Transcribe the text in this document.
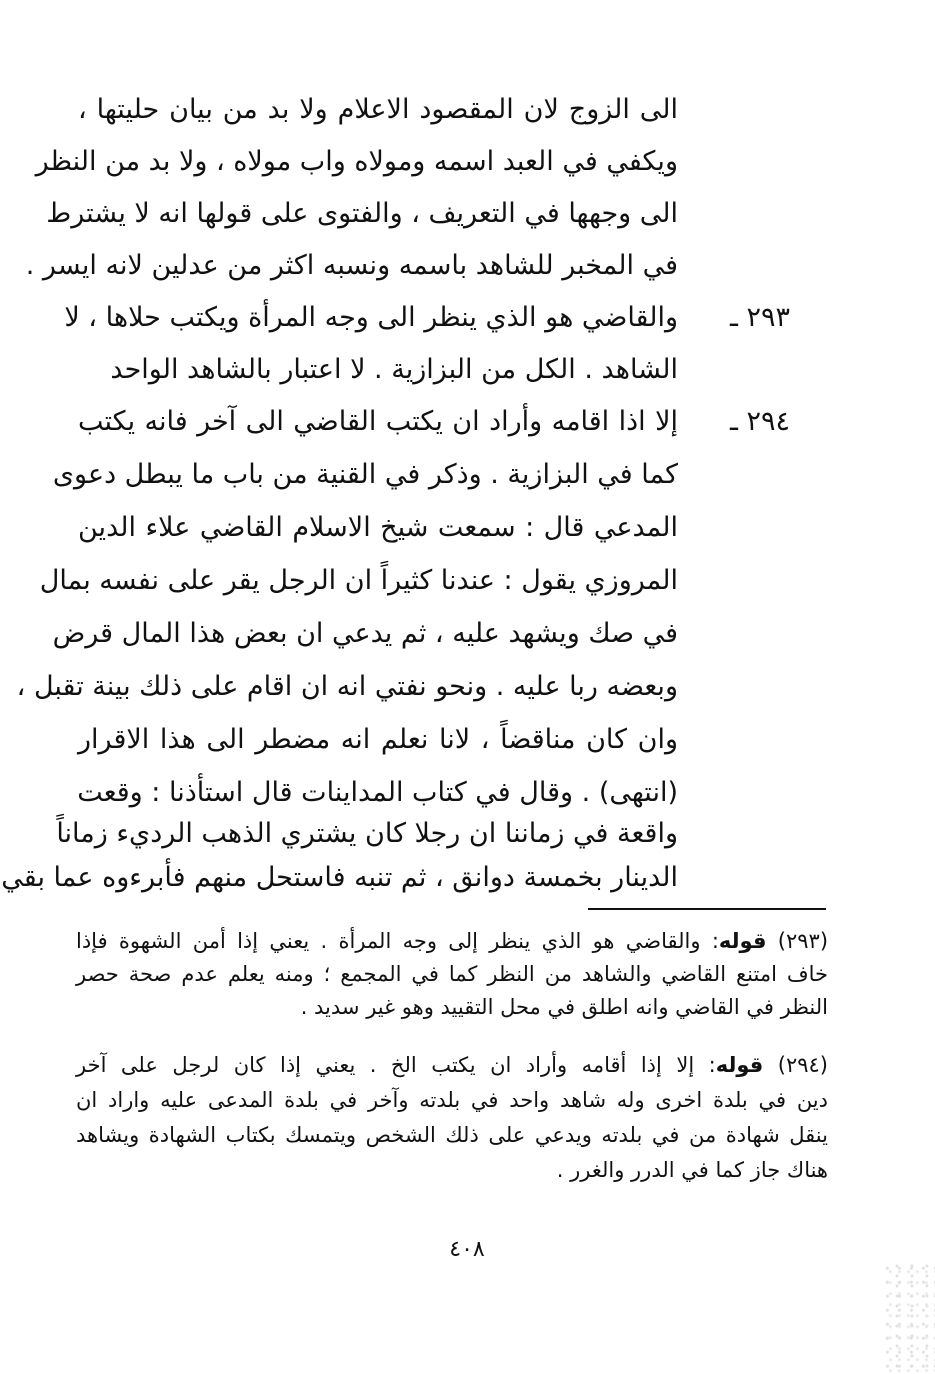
الى الزوج لان المقصود الاعلام ولا بد من بيان حليتها ،
ويكفي في العبد اسمه ومولاه واب مولاه ، ولا بد من النظر
الى وجهها في التعريف ، والفتوى على قولها انه لا يشترط
في المخبر للشاهد باسمه ونسبه اكثر من عدلين لانه ايسر .
٢٩٣ ـ
والقاضي هو الذي ينظر الى وجه المرأة ويكتب حلاها ، لا
الشاهد . الكل من البزازية . لا اعتبار بالشاهد الواحد
٢٩٤ ـ
إلا اذا اقامه وأراد ان يكتب القاضي الى آخر فانه يكتب
كما في البزازية . وذكر في القنية من باب ما يبطل دعوى
المدعي قال : سمعت شيخ الاسلام القاضي علاء الدين
المروزي يقول : عندنا كثيراً ان الرجل يقر على نفسه بمال
في صك ويشهد عليه ، ثم يدعي ان بعض هذا المال قرض
وبعضه ربا عليه . ونحو نفتي انه ان اقام على ذلك بينة تقبل ،
وان كان مناقضاً ، لانا نعلم انه مضطر الى هذا الاقرار
(انتهى) . وقال في كتاب المداينات قال استأذنا : وقعت
واقعة في زماننا ان رجلا كان يشتري الذهب الرديء زماناً
الدينار بخمسة دوانق ، ثم تنبه فاستحل منهم فأبرءوه عما بقي
(٢٩٣) قوله: والقاضي هو الذي ينظر إلى وجه المرأة . يعني إذا أمن الشهوة فإذا
خاف امتنع القاضي والشاهد من النظر كما في المجمع ؛ ومنه يعلم عدم صحة حصر
النظر في القاضي وانه اطلق في محل التقييد وهو غير سديد .
(٢٩٤) قوله: إلا إذا أقامه وأراد ان يكتب الخ . يعني إذا كان لرجل على آخر
دين في بلدة اخرى وله شاهد واحد في بلدته وآخر في بلدة المدعى عليه واراد ان
ينقل شهادة من في بلدته ويدعي على ذلك الشخص ويتمسك بكتاب الشهادة ويشاهد
هناك جاز كما في الدرر والغرر .
٤٠٨
